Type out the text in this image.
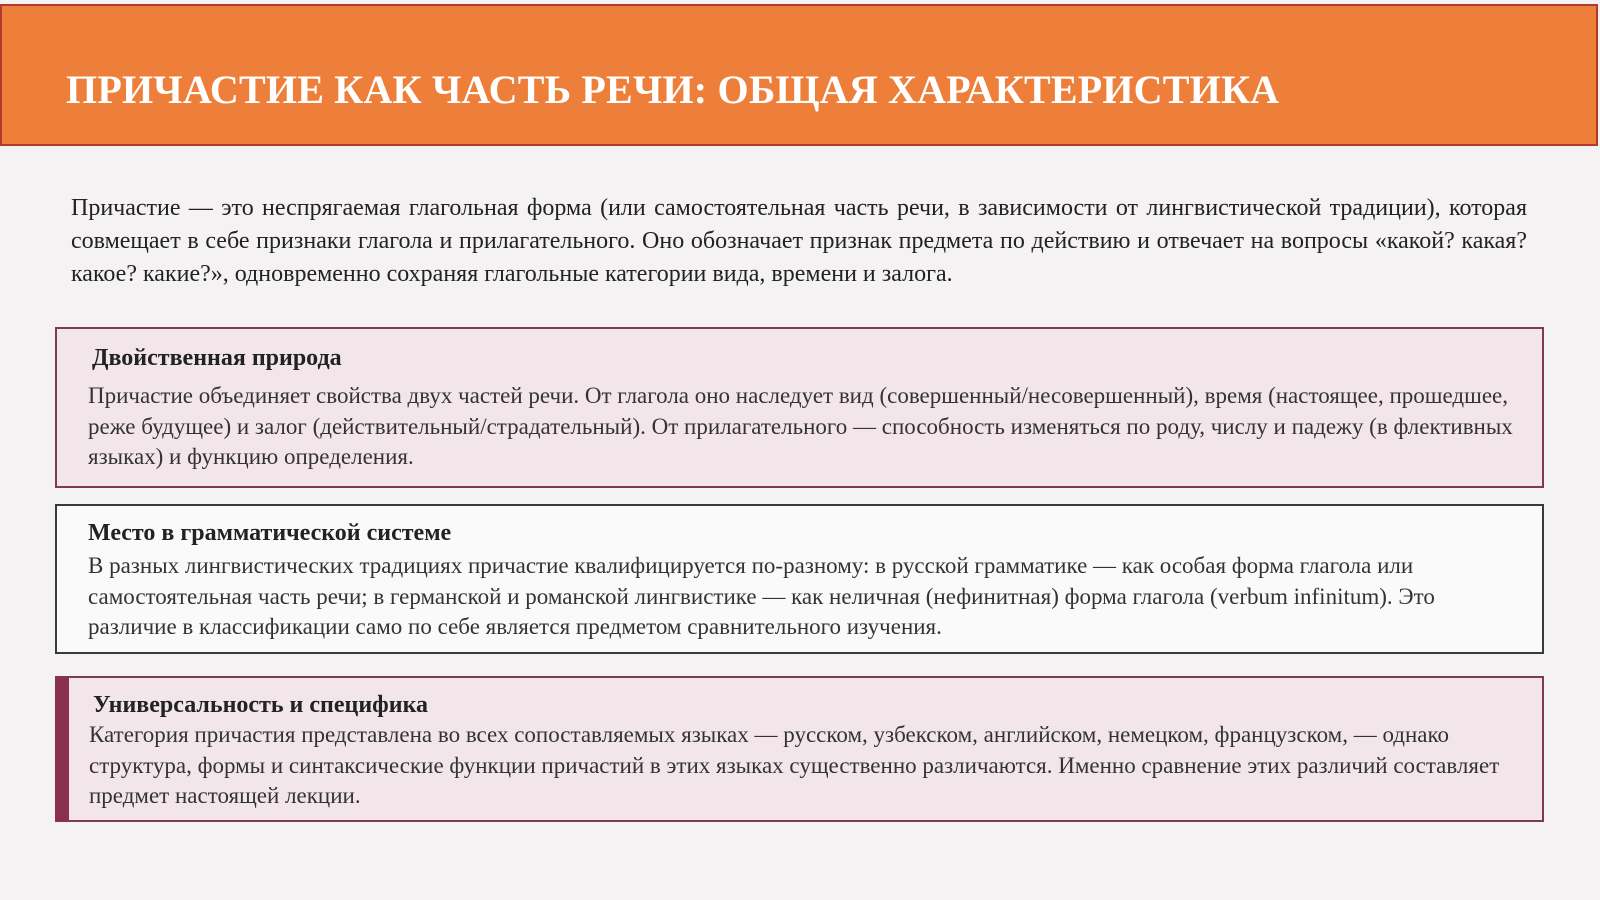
ПРИЧАСТИЕ КАК ЧАСТЬ РЕЧИ: ОБЩАЯ ХАРАКТЕРИСТИКА

Причастие — это неспрягаемая глагольная форма (или самостоятельная часть речи, в зависимости от лингвистической традиции), которая совмещает в себе признаки глагола и прилагательного. Оно обозначает признак предмета по действию и отвечает на вопросы «какой? какая? какое? какие?», одновременно сохраняя глагольные категории вида, времени и залога.

Двойственная природа

Причастие объединяет свойства двух частей речи. От глагола оно наследует вид (совершенный/несовершенный), время (настоящее, прошедшее, реже будущее) и залог (действительный/страдательный). От прилагательного — способность изменяться по роду, числу и падежу (в флективных языках) и функцию определения.

Место в грамматической системе

В разных лингвистических традициях причастие квалифицируется по-разному: в русской грамматике — как особая форма глагола или самостоятельная часть речи; в германской и романской лингвистике — как неличная (нефинитная) форма глагола (verbum infinitum). Это различие в классификации само по себе является предметом сравнительного изучения.

Универсальность и специфика

Категория причастия представлена во всех сопоставляемых языках — русском, узбекском, английском, немецком, французском, — однако структура, формы и синтаксические функции причастий в этих языках существенно различаются. Именно сравнение этих различий составляет предмет настоящей лекции.
